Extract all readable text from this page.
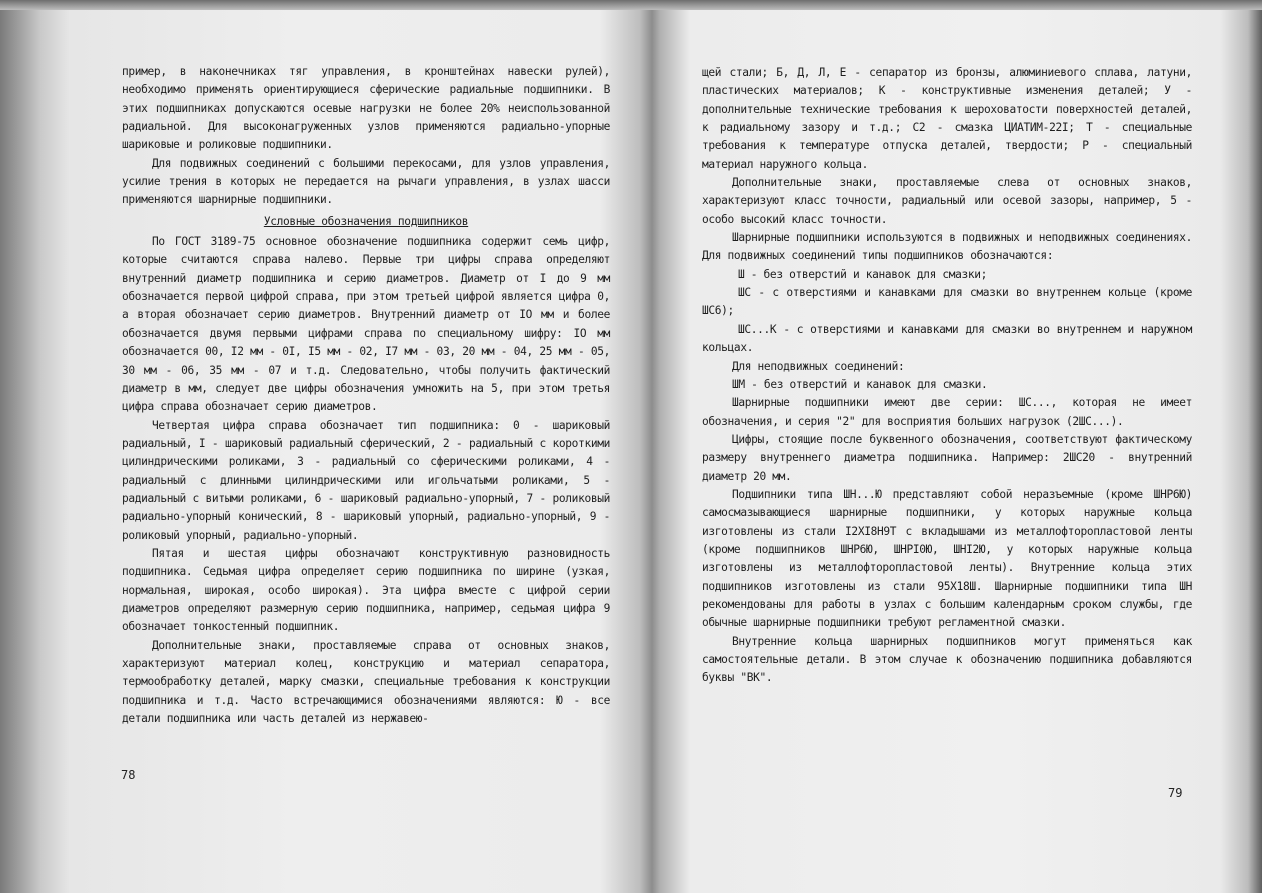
пример, в наконечниках тяг управления, в кронштейнах навески рулей), необходимо применять ориентирующиеся сферические радиальные подшипники. В этих подшипниках допускаются осевые нагрузки не более 20% неиспользованной радиальной. Для высоконагруженных узлов применяются радиально-упорные шариковые и роликовые подшипники.

Для подвижных соединений с большими перекосами, для узлов управления, усилие трения в которых не передается на рычаги управления, в узлах шасси применяются шарнирные подшипники.

Условные обозначения подшипников

По ГОСТ 3189-75 основное обозначение подшипника содержит семь цифр, которые считаются справа налево. Первые три цифры справа определяют внутренний диаметр подшипника и серию диаметров. Диаметр от I до 9 мм обозначается первой цифрой справа, при этом третьей цифрой является цифра 0, а вторая обозначает серию диаметров. Внутренний диаметр от IО мм и более обозначается двумя первыми цифрами справа по специальному шифру: IО мм обозначается 00, I2 мм - 0I, I5 мм - 02, I7 мм - 03, 20 мм - 04, 25 мм - 05, 30 мм - 06, 35 мм - 07 и т.д. Следовательно, чтобы получить фактический диаметр в мм, следует две цифры обозначения умножить на 5, при этом третья цифра справа обозначает серию диаметров.

Четвертая цифра справа обозначает тип подшипника: 0 - шариковый радиальный, I - шариковый радиальный сферический, 2 - радиальный с короткими цилиндрическими роликами, 3 - радиальный со сферическими роликами, 4 - радиальный с длинными цилиндрическими или игольчатыми роликами, 5 - радиальный с витыми роликами, 6 - шариковый радиально-упорный, 7 - роликовый радиально-упорный конический, 8 - шариковый упорный, радиально-упорный, 9 - роликовый упорный, радиально-упорный.

Пятая и шестая цифры обозначают конструктивную разновидность подшипника. Седьмая цифра определяет серию подшипника по ширине (узкая, нормальная, широкая, особо широкая). Эта цифра вместе с цифрой серии диаметров определяют размерную серию подшипника, например, седьмая цифра 9 обозначает тонкостенный подшипник.

Дополнительные знаки, проставляемые справа от основных знаков, характеризуют материал колец, конструкцию и материал сепаратора, термообработку деталей, марку смазки, специальные требования к конструкции подшипника и т.д. Часто встречающимися обозначениями являются: Ю - все детали подшипника или часть деталей из нержавею-

78

щей стали; Б, Д, Л, Е - сепаратор из бронзы, алюминиевого сплава, латуни, пластических материалов; К - конструктивные изменения деталей; У - дополнительные технические требования к шероховатости поверхностей деталей, к радиальному зазору и т.д.; С2 - смазка ЦИАТИМ-22I; Т - специальные требования к температуре отпуска деталей, твердости; Р - специальный материал наружного кольца.

Дополнительные знаки, проставляемые слева от основных знаков, характеризуют класс точности, радиальный или осевой зазоры, например, 5 - особо высокий класс точности.

Шарнирные подшипники используются в подвижных и неподвижных соединениях. Для подвижных соединений типы подшипников обозначаются:

Ш - без отверстий и канавок для смазки;

ШС - с отверстиями и канавками для смазки во внутреннем кольце (кроме ШС6);

ШС...К - с отверстиями и канавками для смазки во внутреннем и наружном кольцах.

Для неподвижных соединений:

ШМ - без отверстий и канавок для смазки.

Шарнирные подшипники имеют две серии: ШС..., которая не имеет обозначения, и серия "2" для восприятия больших нагрузок (2ШС...).

Цифры, стоящие после буквенного обозначения, соответствуют фактическому размеру внутреннего диаметра подшипника. Например: 2ШС20 - внутренний диаметр 20 мм.

Подшипники типа ШН...Ю представляют собой неразъемные (кроме ШНР6Ю) самосмазывающиеся шарнирные подшипники, у которых наружные кольца изготовлены из стали I2ХI8Н9Т с вкладышами из металлофторопластовой ленты (кроме подшипников ШНР6Ю, ШНРI0Ю, ШНI2Ю, у которых наружные кольца изготовлены из металлофторопластовой ленты). Внутренние кольца этих подшипников изготовлены из стали 95Х18Ш. Шарнирные подшипники типа ШН рекомендованы для работы в узлах с большим календарным сроком службы, где обычные шарнирные подшипники требуют регламентной смазки.

Внутренние кольца шарнирных подшипников могут применяться как самостоятельные детали. В этом случае к обозначению подшипника добавляются буквы "ВК".

79
